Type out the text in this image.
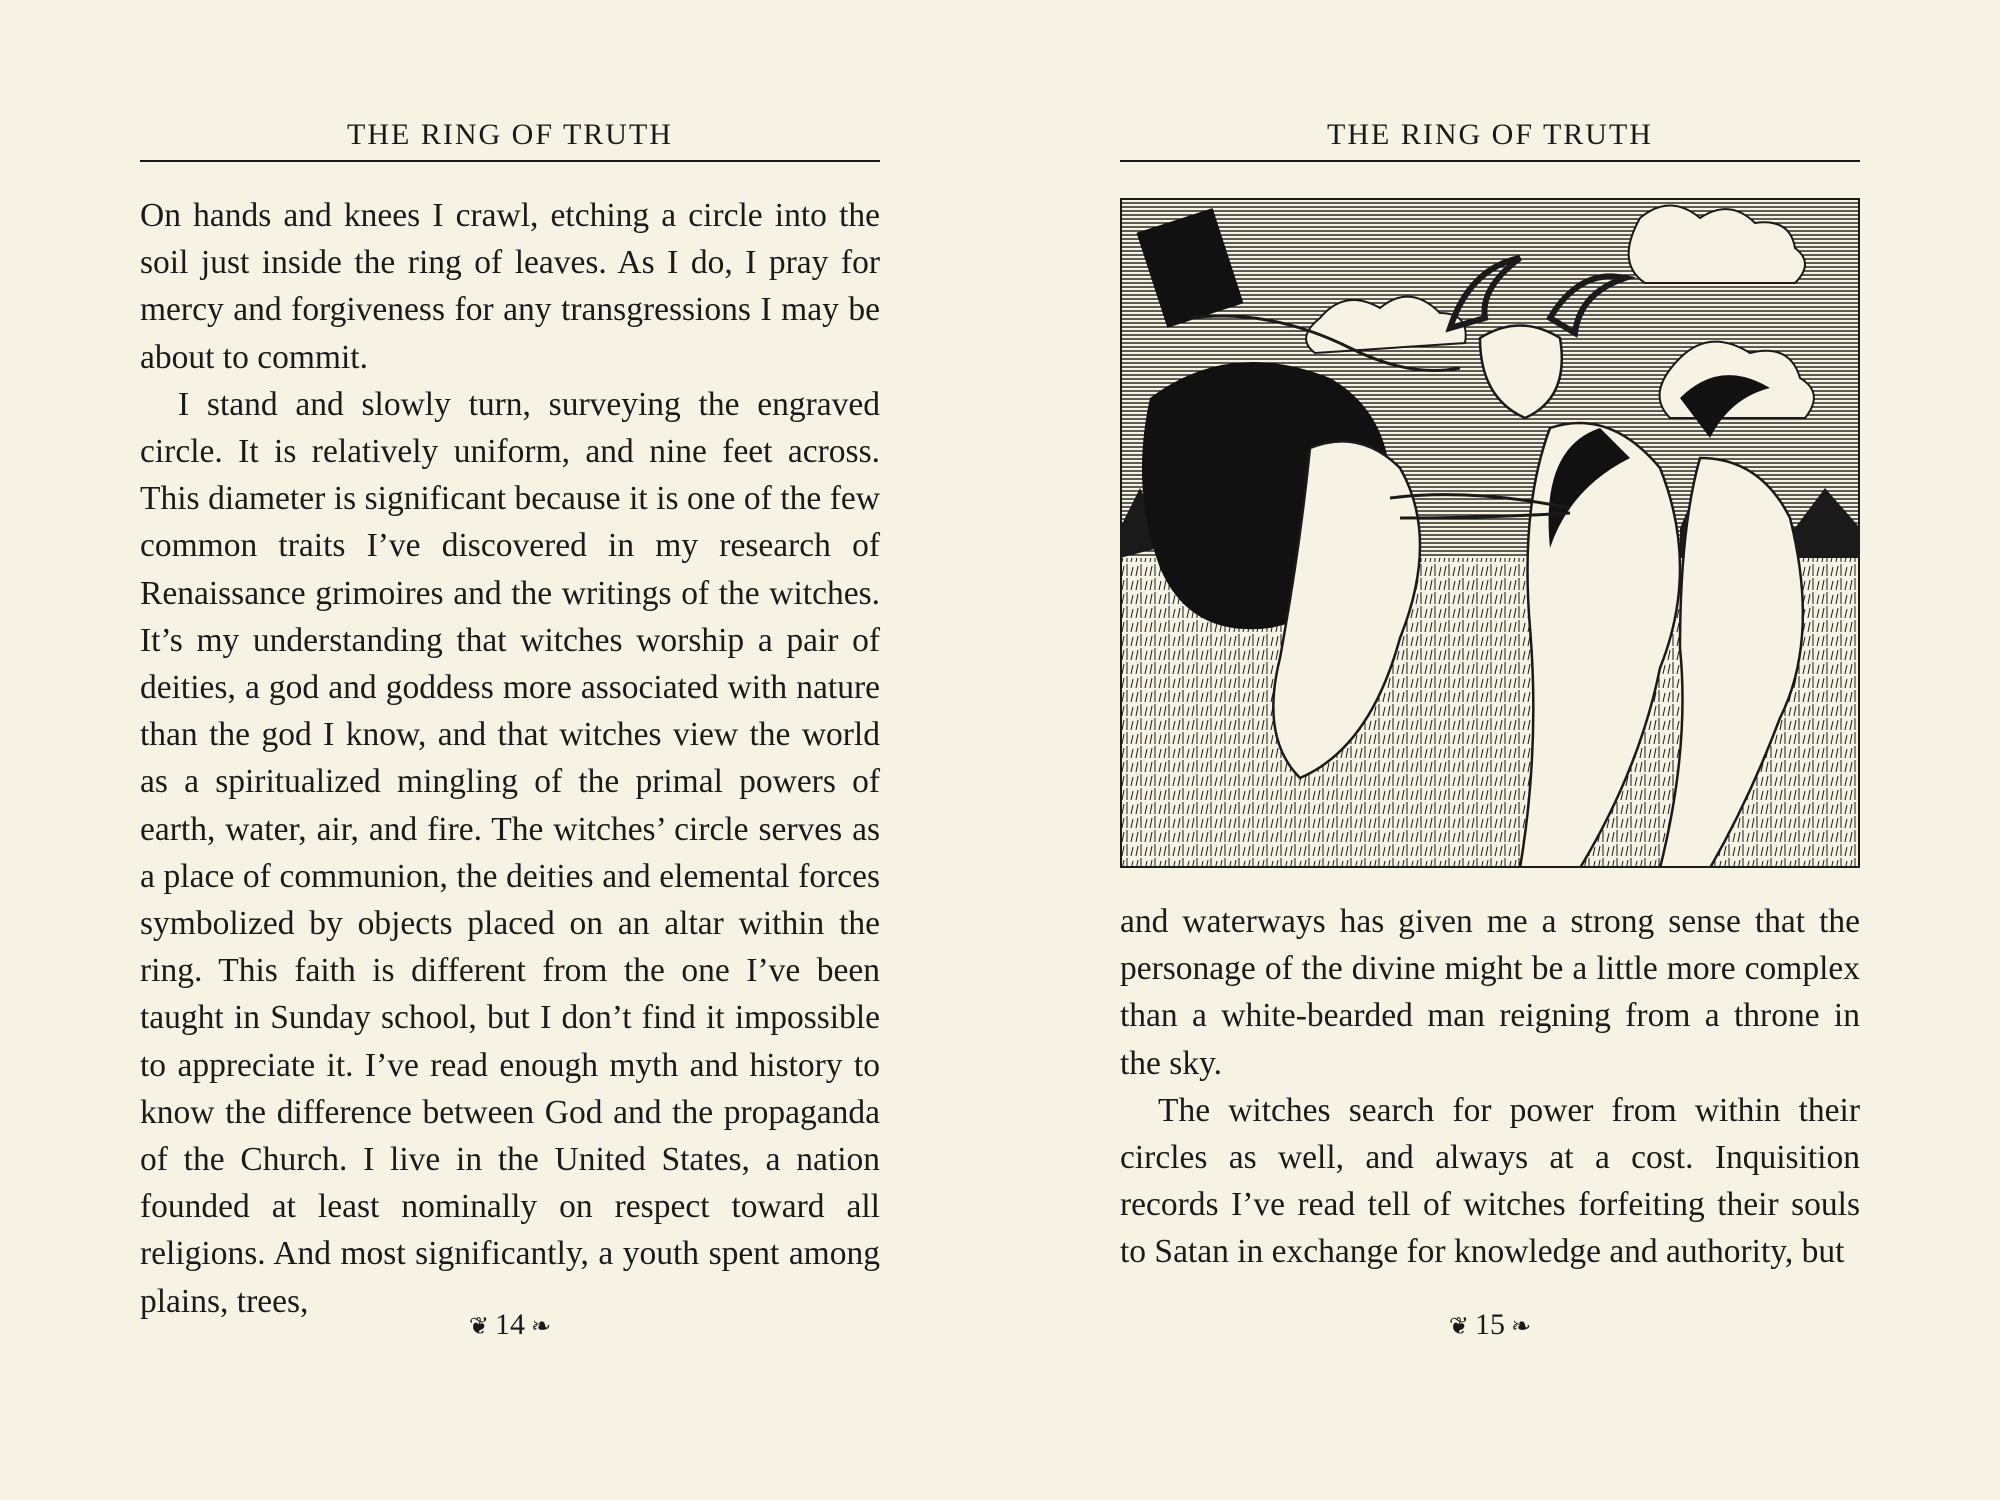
THE RING OF TRUTH

On hands and knees I crawl, etching a circle into the soil just inside the ring of leaves. As I do, I pray for mercy and forgiveness for any transgressions I may be about to commit.

I stand and slowly turn, surveying the engraved circle. It is relatively uniform, and nine feet across. This diameter is significant because it is one of the few common traits I’ve discovered in my research of Renaissance grimoires and the writings of the witches. It’s my understanding that witches worship a pair of deities, a god and goddess more associated with nature than the god I know, and that witches view the world as a spiritualized mingling of the primal powers of earth, water, air, and fire. The witches’ circle serves as a place of communion, the deities and elemental forces symbolized by objects placed on an altar within the ring. This faith is different from the one I’ve been taught in Sunday school, but I don’t find it impossible to appreciate it. I’ve read enough myth and history to know the difference between God and the propaganda of the Church. I live in the United States, a nation founded at least nominally on respect toward all religions. And most significantly, a youth spent among plains, trees,

❦ 14 ❧
THE RING OF TRUTH

and waterways has given me a strong sense that the personage of the divine might be a little more complex than a white-bearded man reigning from a throne in the sky.

The witches search for power from within their circles as well, and always at a cost. Inquisition records I’ve read tell of witches forfeiting their souls to Satan in exchange for knowledge and authority, but

❦ 15 ❧
